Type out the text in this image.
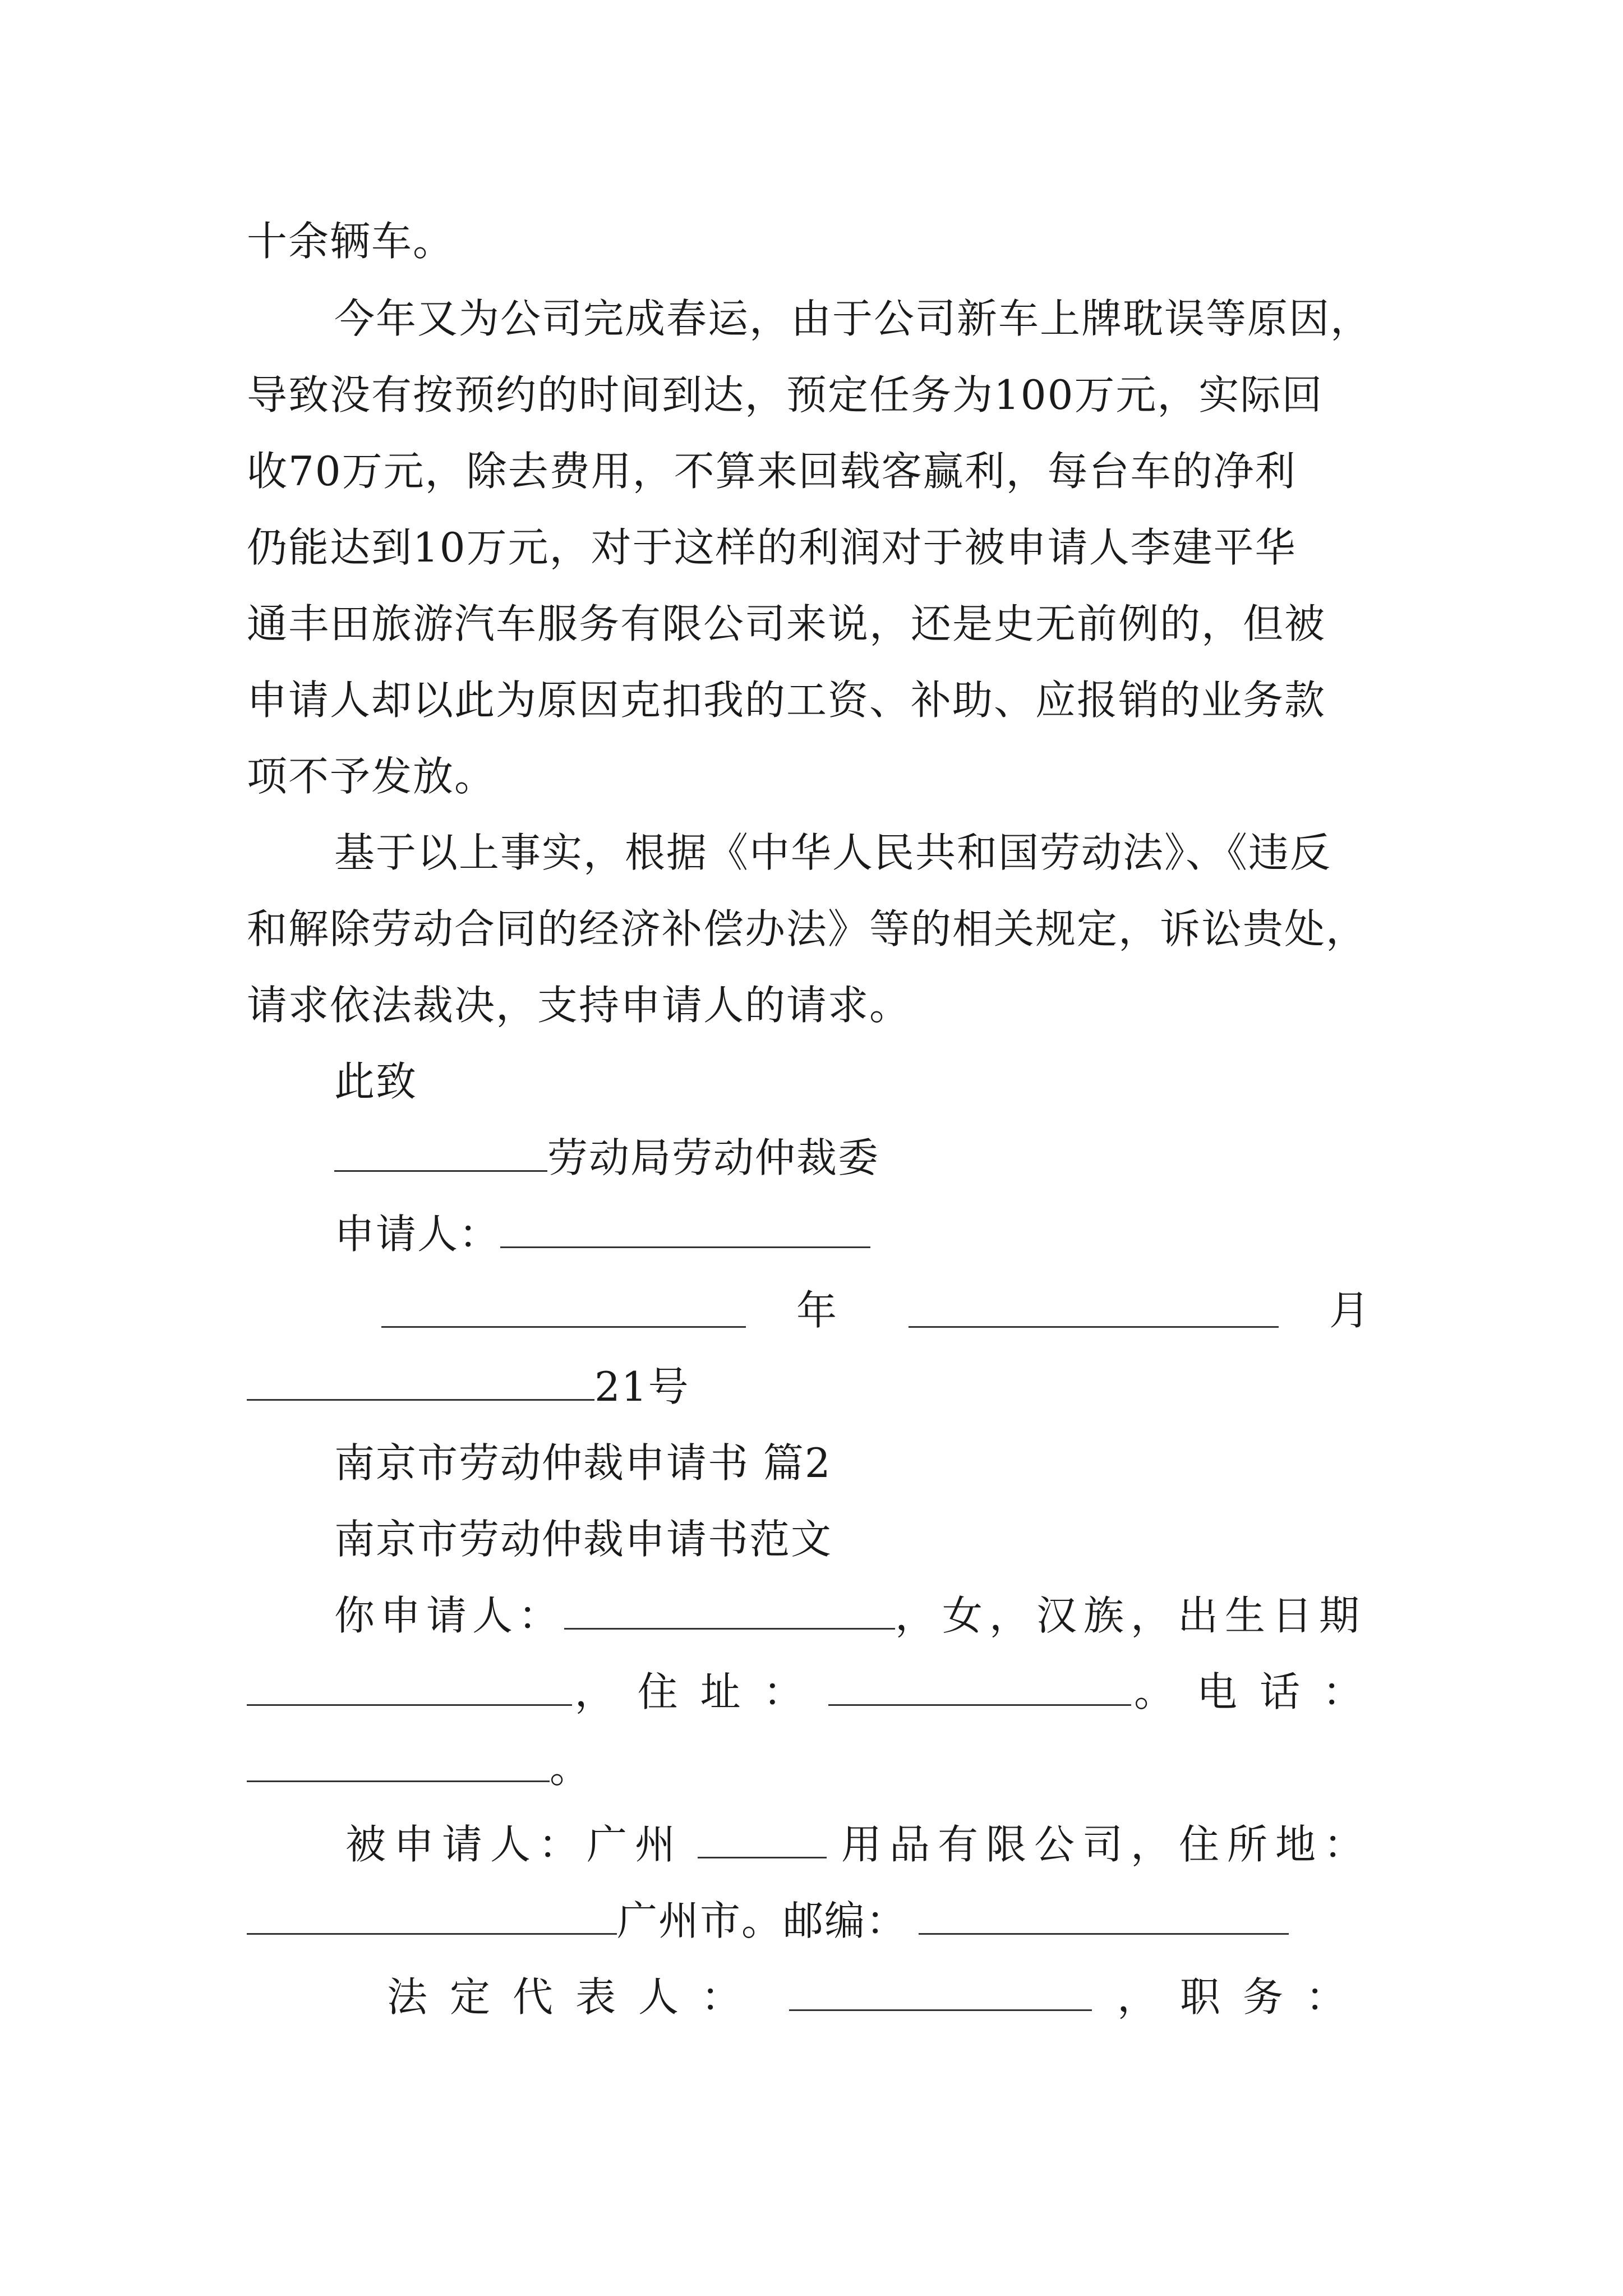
十余辆车。
今年又为公司完成春运，由于公司新车上牌耽误等原因，
导致没有按预约的时间到达，预定任务为100万元，实际回
收70万元，除去费用，不算来回载客赢利，每台车的净利
仍能达到10万元，对于这样的利润对于被申请人李建平华
通丰田旅游汽车服务有限公司来说，还是史无前例的，但被
申请人却以此为原因克扣我的工资、补助、应报销的业务款
项不予发放。
基于以上事实，根据《中华人民共和国劳动法》、《违反
和解除劳动合同的经济补偿办法》等的相关规定，诉讼贵处，
请求依法裁决，支持申请人的请求。
此致
劳动局劳动仲裁委
申请人：
年	月
21号
南京市劳动仲裁申请书 篇2
南京市劳动仲裁申请书范文
你申请人：	，女，汉族，出生日期
，住址：	。电话：
。
被申请人：广州	用品有限公司，住所地：
广州市。邮编：
法定代表人：	，职务：
